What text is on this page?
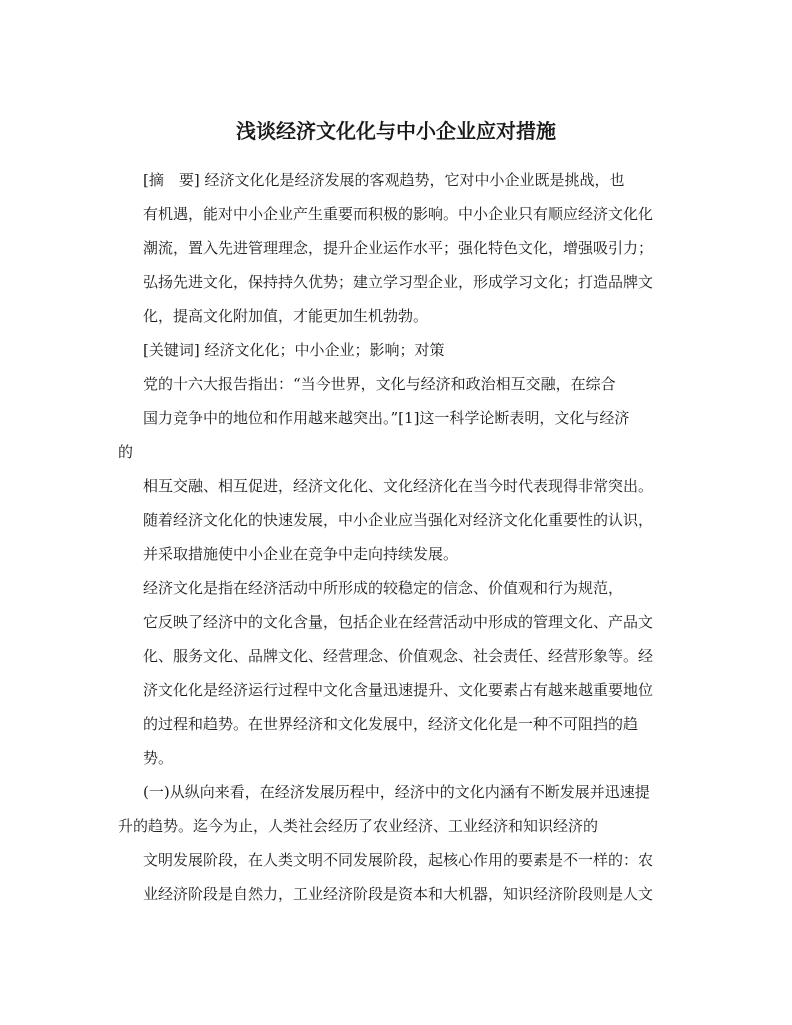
浅谈经济文化化与中小企业应对措施
[摘　要] 经济文化化是经济发展的客观趋势，它对中小企业既是挑战，也
有机遇，能对中小企业产生重要而积极的影响。中小企业只有顺应经济文化化
潮流，置入先进管理理念，提升企业运作水平；强化特色文化，增强吸引力；
弘扬先进文化，保持持久优势；建立学习型企业，形成学习文化；打造品牌文
化，提高文化附加值，才能更加生机勃勃。
[关键词] 经济文化化；中小企业；影响；对策
党的十六大报告指出：“当今世界，文化与经济和政治相互交融，在综合
国力竞争中的地位和作用越来越突出。”[1]这一科学论断表明，文化与经济
的
相互交融、相互促进，经济文化化、文化经济化在当今时代表现得非常突出。
随着经济文化化的快速发展，中小企业应当强化对经济文化化重要性的认识，
并采取措施使中小企业在竞争中走向持续发展。
经济文化是指在经济活动中所形成的较稳定的信念、价值观和行为规范，
它反映了经济中的文化含量，包括企业在经营活动中形成的管理文化、产品文
化、服务文化、品牌文化、经营理念、价值观念、社会责任、经营形象等。经
济文化化是经济运行过程中文化含量迅速提升、文化要素占有越来越重要地位
的过程和趋势。在世界经济和文化发展中，经济文化化是一种不可阻挡的趋
势。
(一)从纵向来看，在经济发展历程中，经济中的文化内涵有不断发展并迅速提
升的趋势。迄今为止，人类社会经历了农业经济、工业经济和知识经济的
文明发展阶段，在人类文明不同发展阶段，起核心作用的要素是不一样的：农
业经济阶段是自然力，工业经济阶段是资本和大机器，知识经济阶段则是人文
